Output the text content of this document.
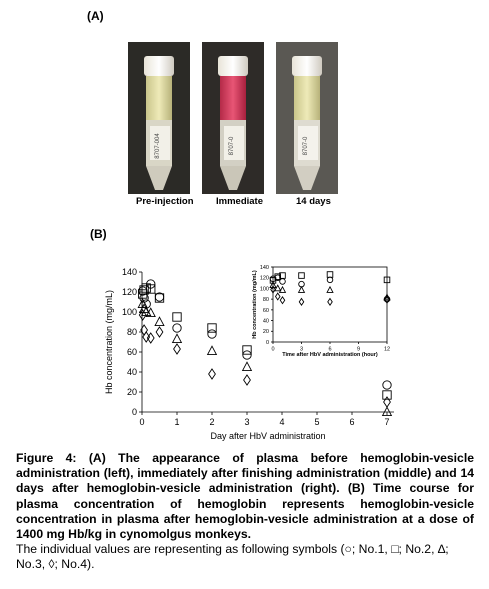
(A)
8707-004	8707-0	8707-0
Pre-injection Immediate	14 days
(B)
0
20
40
60
80
100
120
140
0	1	2	3	4	5	6	7
Day after HbV administration
Hb concentration (mg/mL)	0
20
40
60
80
100
120
140
0	3	6	9	12
Time after HbV administration (hour)
Hb concentration (mg/mL)
Figure 4: (A) The appearance of plasma before hemoglobin-vesicle administration (left), immediately after finishing administration (middle) and 14 days after hemoglobin-vesicle administration (right). (B) Time course for plasma concentration of hemoglobin represents hemoglobin-vesicle concentration in plasma after hemoglobin-vesicle administration at a dose of 1400 mg Hb/kg in cynomolgus monkeys.
The individual values are representing as following symbols (○; No.1, □; No.2, ∆; No.3, ◊; No.4).
